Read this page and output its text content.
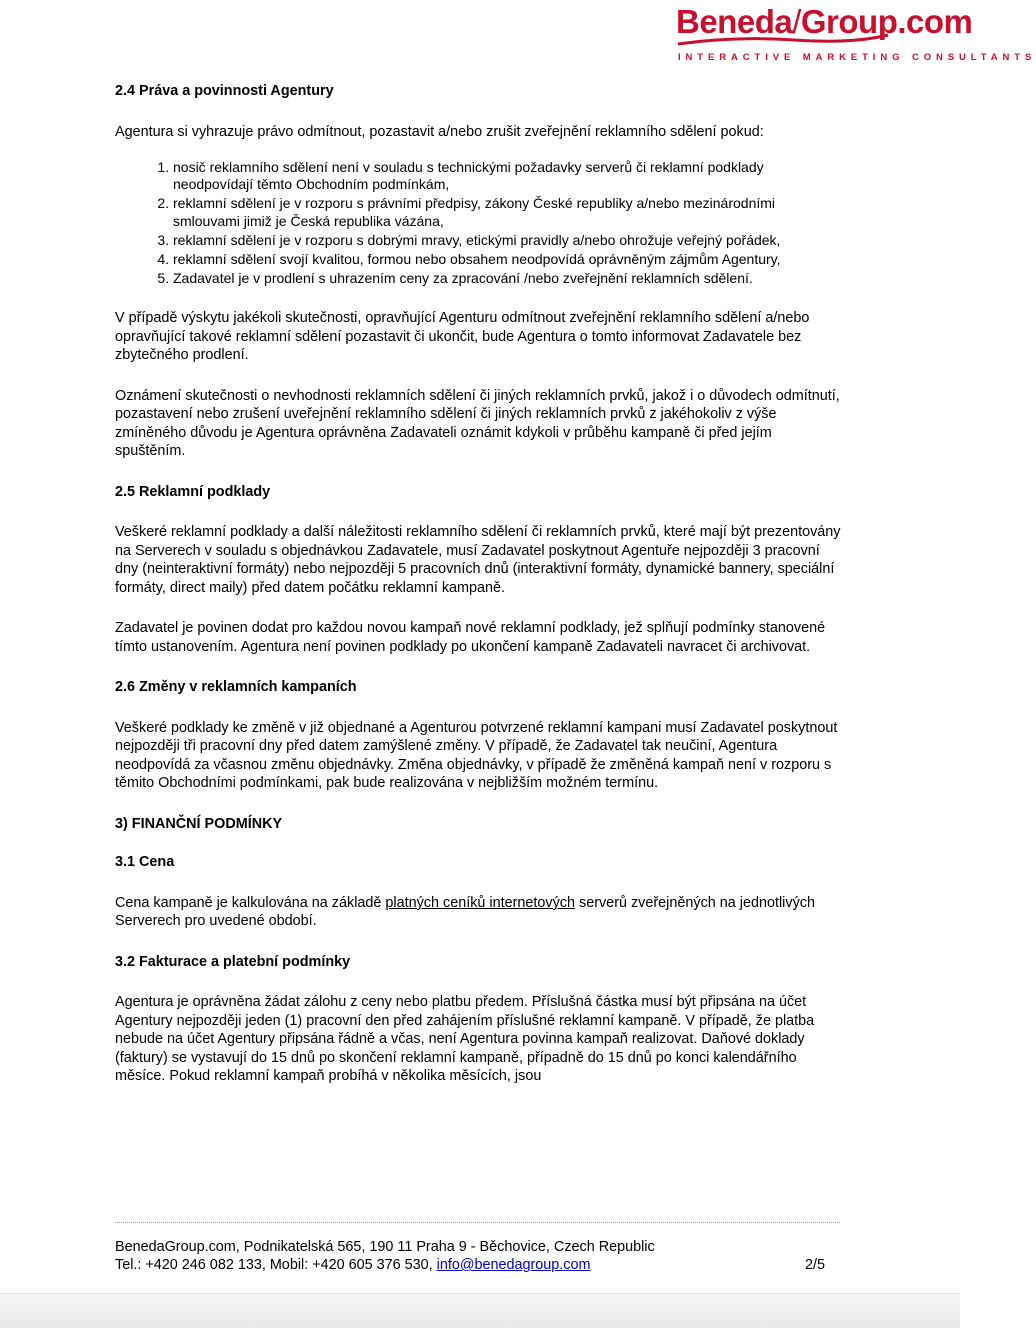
Beneda/Group.com
INTERACTIVE MARKETING CONSULTANTS
2.4 Práva a povinnosti Agentury

Agentura si vyhrazuje právo odmítnout, pozastavit a/nebo zrušit zveřejnění reklamního sdělení pokud:

1. nosič reklamního sdělení není v souladu s technickými požadavky serverů či reklamní podklady neodpovídají těmto Obchodním podmínkám,
2. reklamní sdělení je v rozporu s právními předpisy, zákony České republiky a/nebo mezinárodními smlouvami jimiž je Česká republika vázána,
3. reklamní sdělení je v rozporu s dobrými mravy, etickými pravidly a/nebo ohrožuje veřejný pořádek,
4. reklamní sdělení svojí kvalitou, formou nebo obsahem neodpovídá oprávněným zájmům Agentury,
5. Zadavatel je v prodlení s uhrazením ceny za zpracování /nebo zveřejnění reklamních sdělení.

V případě výskytu jakékoli skutečnosti, opravňující Agenturu odmítnout zveřejnění reklamního sdělení a/nebo opravňující takové reklamní sdělení pozastavit či ukončit, bude Agentura o tomto informovat Zadavatele bez zbytečného prodlení.

Oznámení skutečnosti o nevhodnosti reklamních sdělení či jiných reklamních prvků, jakož i o důvodech odmítnutí, pozastavení nebo zrušení uveřejnění reklamního sdělení či jiných reklamních prvků z jakéhokoliv z výše zmíněného důvodu je Agentura oprávněna Zadavateli oznámit kdykoli v průběhu kampaně či před jejím spuštěním.

2.5 Reklamní podklady

Veškeré reklamní podklady a další náležitosti reklamního sdělení či reklamních prvků, které mají být prezentovány na Serverech v souladu s objednávkou Zadavatele, musí Zadavatel poskytnout Agentuře nejpozději 3 pracovní dny (neinteraktivní formáty) nebo nejpozději 5 pracovních dnů (interaktivní formáty, dynamické bannery, speciální formáty, direct maily) před datem počátku reklamní kampaně.

Zadavatel je povinen dodat pro každou novou kampaň nové reklamní podklady, jež splňují podmínky stanovené tímto ustanovením. Agentura není povinen podklady po ukončení kampaně Zadavateli navracet či archivovat.

2.6 Změny v reklamních kampaních

Veškeré podklady ke změně v již objednané a Agenturou potvrzené reklamní kampani musí Zadavatel poskytnout nejpozději tři pracovní dny před datem zamýšlené změny. V případě, že Zadavatel tak neučiní, Agentura neodpovídá za včasnou změnu objednávky. Změna objednávky, v případě že změněná kampaň není v rozporu s těmito Obchodními podmínkami, pak bude realizována v nejbližším možném termínu.

3) FINANČNÍ PODMÍNKY
3.1 Cena

Cena kampaně je kalkulována na základě platných ceníků internetových serverů zveřejněných na jednotlivých Serverech pro uvedené období.

3.2 Fakturace a platební podmínky

Agentura je oprávněna žádat zálohu z ceny nebo platbu předem. Příslušná částka musí být připsána na účet Agentury nejpozději jeden (1) pracovní den před zahájením příslušné reklamní kampaně. V případě, že platba nebude na účet Agentury připsána řádně a včas, není Agentura povinna kampaň realizovat. Daňové doklady (faktury) se vystavují do 15 dnů po skončení reklamní kampaně, případně do 15 dnů po konci kalendářního měsíce. Pokud reklamní kampaň probíhá v několika měsících, jsou

BenedaGroup.com, Podnikatelská 565, 190 11 Praha 9 - Běchovice, Czech Republic
Tel.: +420 246 082 133, Mobil: +420 605 376 530, info@benedagroup.com	2/5
